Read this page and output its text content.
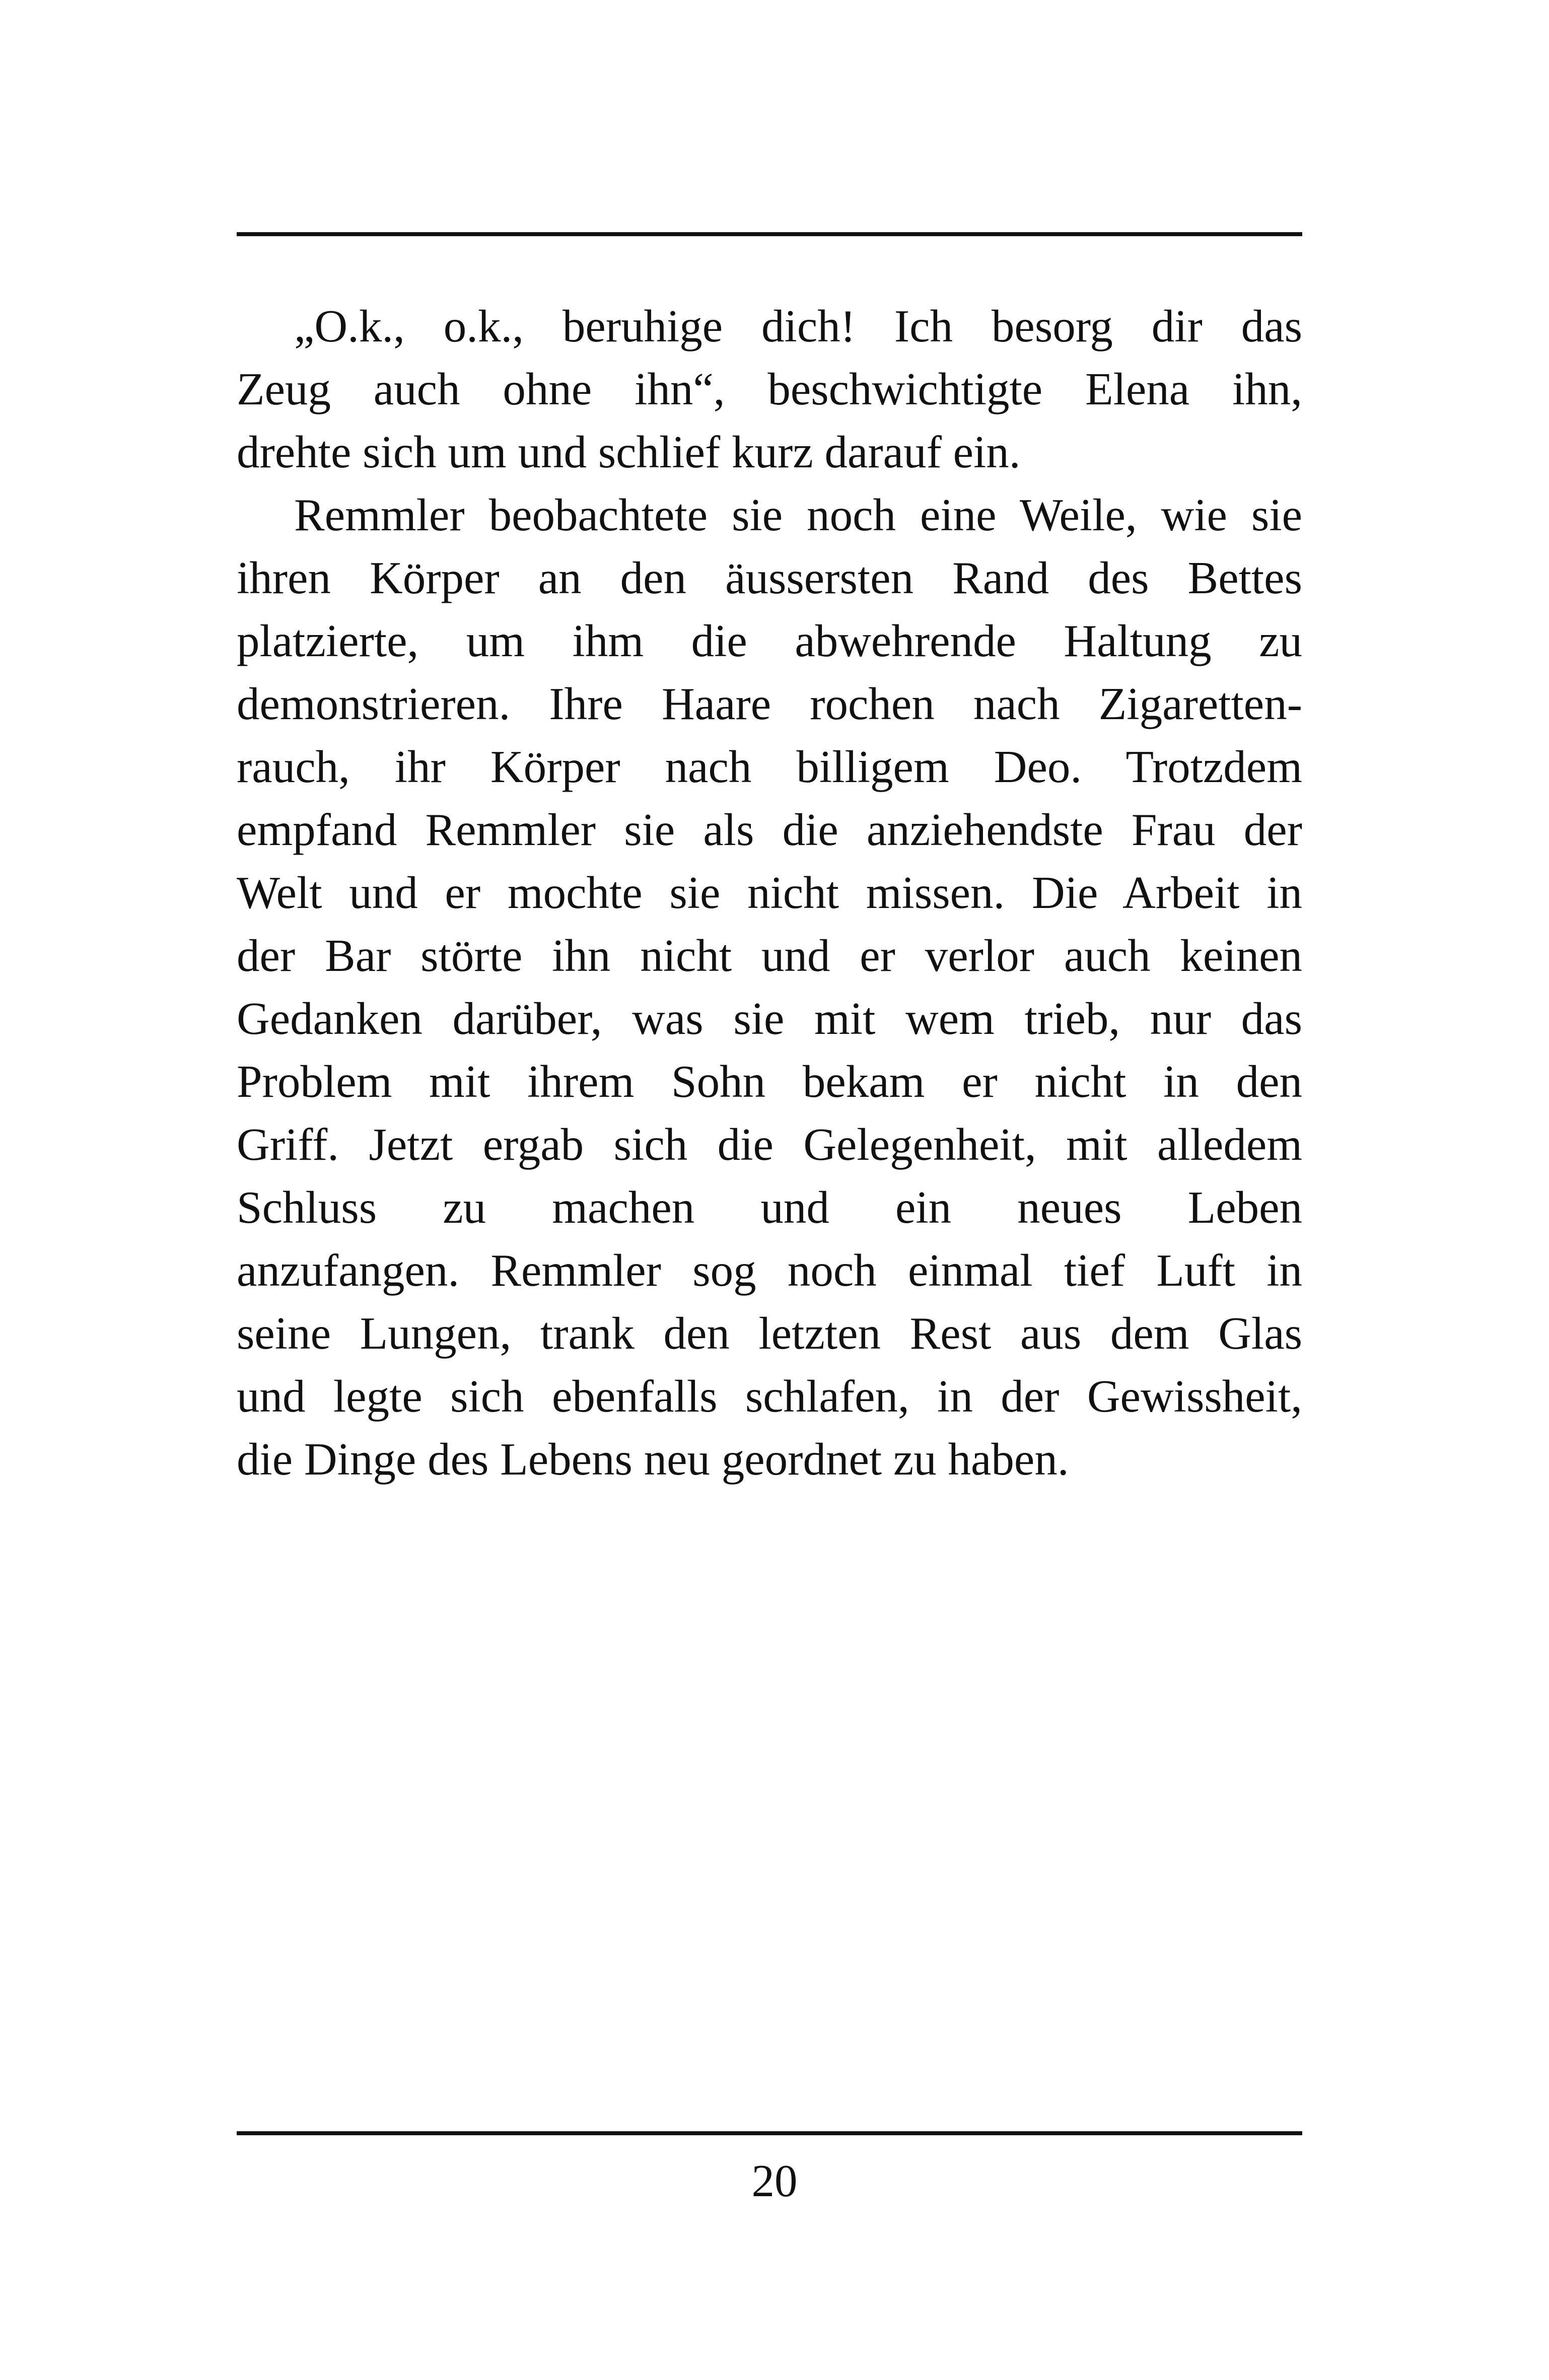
„O.k., o.k., beruhige dich! Ich besorg dir das
Zeug auch ohne ihn“, beschwichtigte Elena ihn,
drehte sich um und schlief kurz darauf ein.
Remmler beobachtete sie noch eine Weile, wie sie
ihren Körper an den äussersten Rand des Bettes
platzierte, um ihm die abwehrende Haltung zu
demonstrieren. Ihre Haare rochen nach Zigaretten-
rauch, ihr Körper nach billigem Deo. Trotzdem
empfand Remmler sie als die anziehendste Frau der
Welt und er mochte sie nicht missen. Die Arbeit in
der Bar störte ihn nicht und er verlor auch keinen
Gedanken darüber, was sie mit wem trieb, nur das
Problem mit ihrem Sohn bekam er nicht in den
Griff. Jetzt ergab sich die Gelegenheit, mit alledem
Schluss zu machen und ein neues Leben
anzufangen. Remmler sog noch einmal tief Luft in
seine Lungen, trank den letzten Rest aus dem Glas
und legte sich ebenfalls schlafen, in der Gewissheit,
die Dinge des Lebens neu geordnet zu haben.
20
